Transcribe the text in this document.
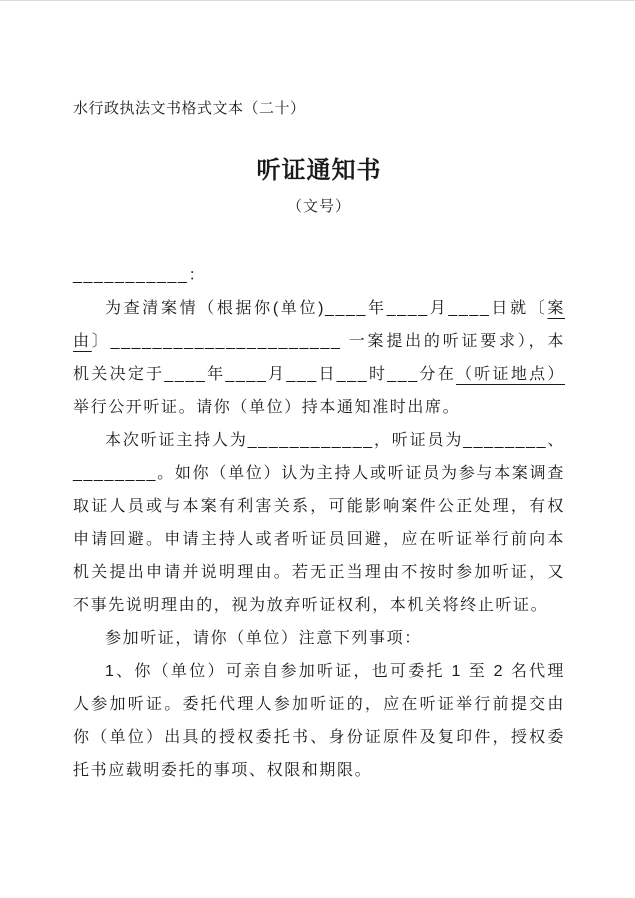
水行政执法文书格式文本（二十）
听证通知书
（文号）

___________：

为查清案情（根据你(单位)____年____月____日就〔案由〕______________________ 一案提出的听证要求），本机关决定于____年____月___日___时___分在（听证地点）举行公开听证。请你（单位）持本通知准时出席。

本次听证主持人为____________，听证员为________、________。如你（单位）认为主持人或听证员为参与本案调查取证人员或与本案有利害关系，可能影响案件公正处理，有权申请回避。申请主持人或者听证员回避，应在听证举行前向本机关提出申请并说明理由。若无正当理由不按时参加听证，又不事先说明理由的，视为放弃听证权利，本机关将终止听证。

参加听证，请你（单位）注意下列事项：

1、你（单位）可亲自参加听证，也可委托 1 至 2 名代理人参加听证。委托代理人参加听证的，应在听证举行前提交由你（单位）出具的授权委托书、身份证原件及复印件，授权委托书应载明委托的事项、权限和期限。
